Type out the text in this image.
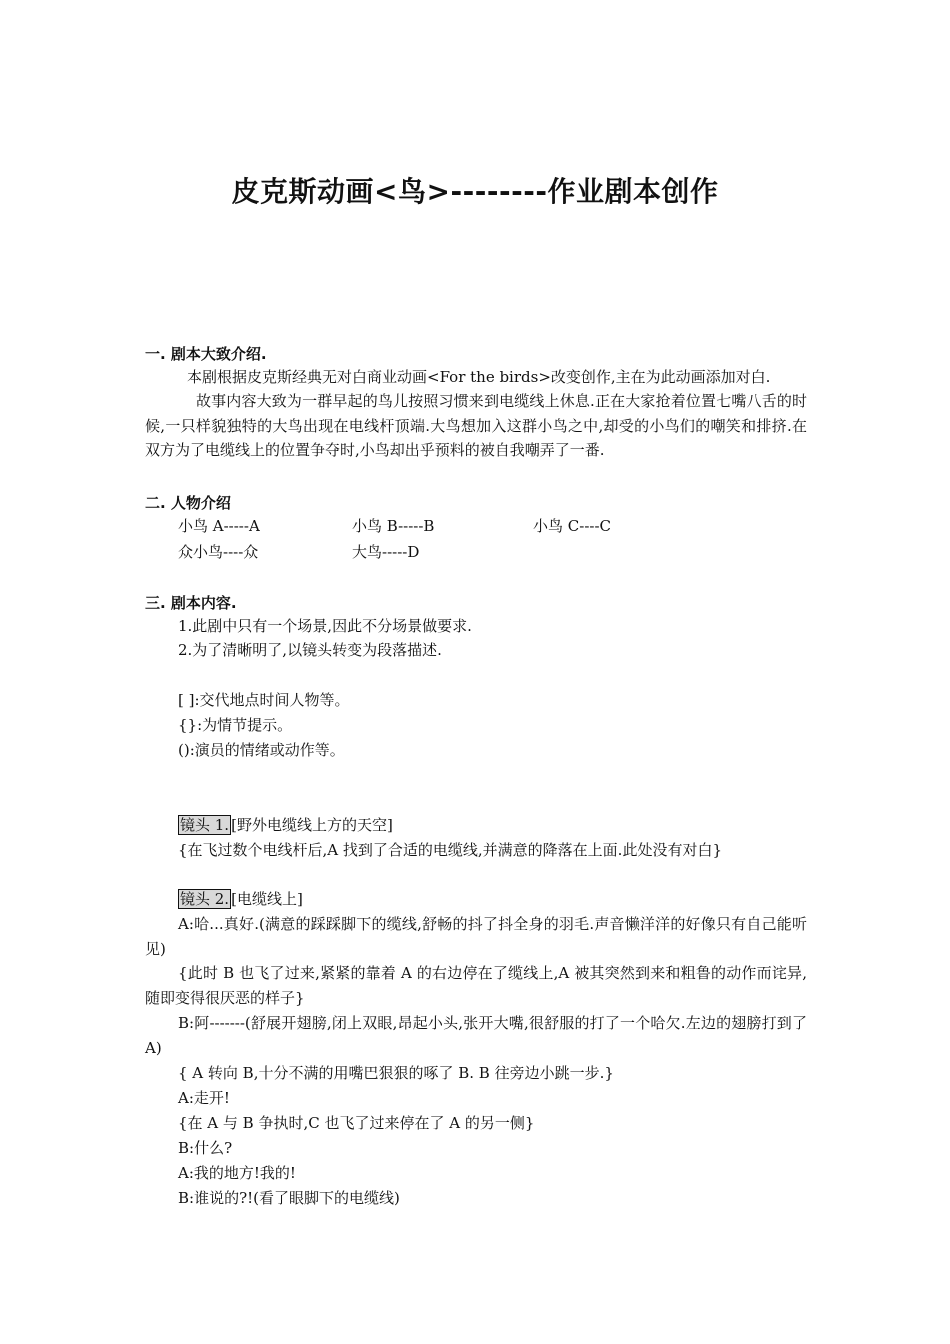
皮克斯动画<鸟>--------作业剧本创作
一. 剧本大致介绍.
本剧根据皮克斯经典无对白商业动画<For the birds>改变创作,主在为此动画添加对白.
故事内容大致为一群早起的鸟儿按照习惯来到电缆线上休息.正在大家抢着位置七嘴八舌的时候,一只样貌独特的大鸟出现在电线杆顶端.大鸟想加入这群小鸟之中,却受的小鸟们的嘲笑和排挤.在双方为了电缆线上的位置争夺时,小鸟却出乎预料的被自我嘲弄了一番.
二. 人物介绍
小鸟 A-----A	小鸟 B-----B	小鸟 C----C
众小鸟----众	大鸟-----D
三. 剧本内容.
1.此剧中只有一个场景,因此不分场景做要求.
2.为了清晰明了,以镜头转变为段落描述.
[ ]:交代地点时间人物等。
{}:为情节提示。
():演员的情绪或动作等。
镜头 1. [野外电缆线上方的天空]
{在飞过数个电线杆后,A 找到了合适的电缆线,并满意的降落在上面.此处没有对白}
镜头 2. [电缆线上]
A:哈...真好.(满意的踩踩脚下的缆线,舒畅的抖了抖全身的羽毛.声音懒洋洋的好像只有自己能听见)
{此时 B 也飞了过来,紧紧的靠着 A 的右边停在了缆线上,A 被其突然到来和粗鲁的动作而诧异,随即变得很厌恶的样子}
B:阿-------(舒展开翅膀,闭上双眼,昂起小头,张开大嘴,很舒服的打了一个哈欠.左边的翅膀打到了 A)
{ A 转向 B,十分不满的用嘴巴狠狠的啄了 B. B 往旁边小跳一步.}
A:走开!
{在 A 与 B 争执时,C 也飞了过来停在了 A 的另一侧}
B:什么?
A:我的地方!我的!
B:谁说的?!(看了眼脚下的电缆线)
